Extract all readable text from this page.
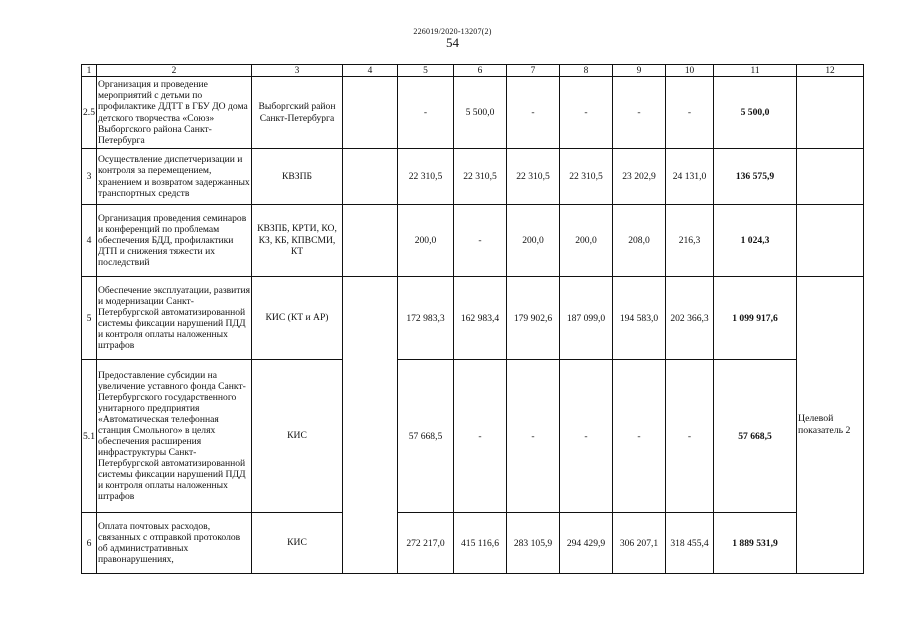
226019/2020-13207(2)
54
1	2	3	4	5	6	7	8	9	10	11	12
2.5	Организация и проведение мероприятий с детьми по профилактике ДДТТ в ГБУ ДО дома детского творчества «Союз» Выборгского района Санкт-Петербурга	Выборгский район Санкт-Петербурга		-	5 500,0	-	-	-	-	5 500,0	
3	Осуществление диспетчеризации и контроля за перемещением, хранением и возвратом задержанных транспортных средств	КВЗПБ		22 310,5	22 310,5	22 310,5	22 310,5	23 202,9	24 131,0	136 575,9	
4	Организация проведения семинаров и конференций по проблемам обеспечения БДД, профилактики ДТП и снижения тяжести их последствий	КВЗПБ, КРТИ, КО, КЗ, КБ, КПВСМИ, КТ		200,0	-	200,0	200,0	208,0	216,3	1 024,3	
5	Обеспечение эксплуатации, развития и модернизации Санкт-Петербургской автоматизированной системы фиксации нарушений ПДД и контроля оплаты наложенных штрафов	КИС (КТ и АР)		172 983,3	162 983,4	179 902,6	187 099,0	194 583,0	202 366,3	1 099 917,6	Целевой показатель 2

5.1	Предоставление субсидии на увеличение уставного фонда Санкт-Петербургского государственного унитарного предприятия «Автоматическая телефонная станция Смольного» в целях обеспечения расширения инфраструктуры Санкт-Петербургской автоматизированной системы фиксации нарушений ПДД и контроля оплаты наложенных штрафов	КИС		57 668,5	-	-	-	-	-	57 668,5	
6	Оплата почтовых расходов, связанных с отправкой протоколов об административных правонарушениях,	КИС		272 217,0	415 116,6	283 105,9	294 429,9	306 207,1	318 455,4	1 889 531,9	
